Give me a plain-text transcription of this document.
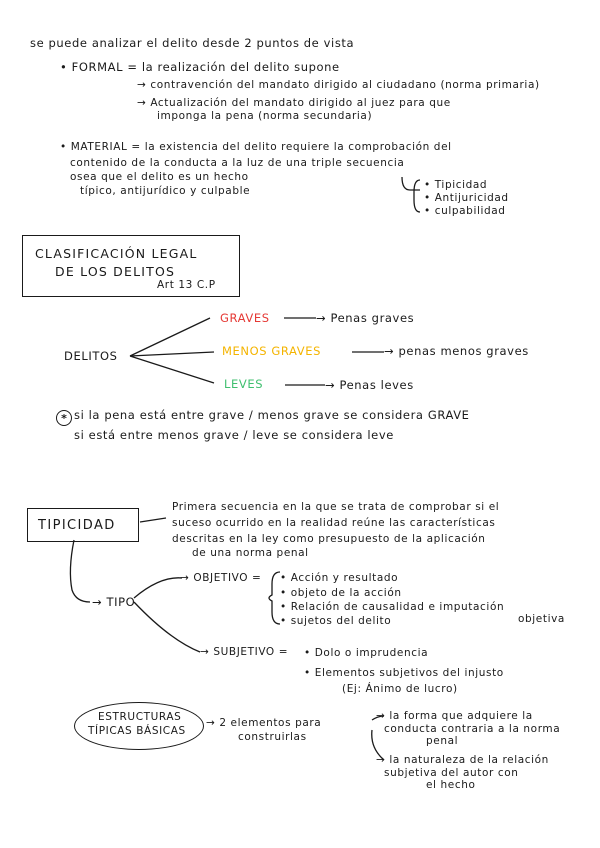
se puede analizar el delito desde 2 puntos de vista
• FORMAL = la realización del delito supone
→ contravención del mandato dirigido al ciudadano (norma primaria)
→ Actualización del mandato dirigido al juez para que
imponga la pena (norma secundaria)
• MATERIAL = la existencia del delito requiere la comprobación del
contenido de la conducta a la luz de una triple secuencia
osea que el delito es un hecho
típico, antijurídico y culpable	• Tipicidad
• Antijuricidad
• culpabilidad
CLASIFICACIÓN LEGAL
DE LOS DELITOS
Art 13 C.P
DELITOS
GRAVES	→ Penas graves
MENOS GRAVES	→ penas menos graves
LEVES	→ Penas leves
* si la pena está entre grave / menos grave se considera GRAVE
si está entre menos grave / leve se considera leve
TIPICIDAD
Primera secuencia en la que se trata de comprobar si el
suceso ocurrido en la realidad reúne las características
descritas en la ley como presupuesto de la aplicación
de una norma penal
→ TIPO
→ OBJETIVO = • Acción y resultado
• objeto de la acción
• Relación de causalidad e imputación
objetiva
• sujetos del delito
→ SUBJETIVO = • Dolo o imprudencia
• Elementos subjetivos del injusto
(Ej: Ánimo de lucro)
ESTRUCTURAS
TÍPICAS BÁSICAS
→ 2 elementos para
construirlas
→ la forma que adquiere la
conducta contraria a la norma
penal
→ la naturaleza de la relación
subjetiva del autor con
el hecho
